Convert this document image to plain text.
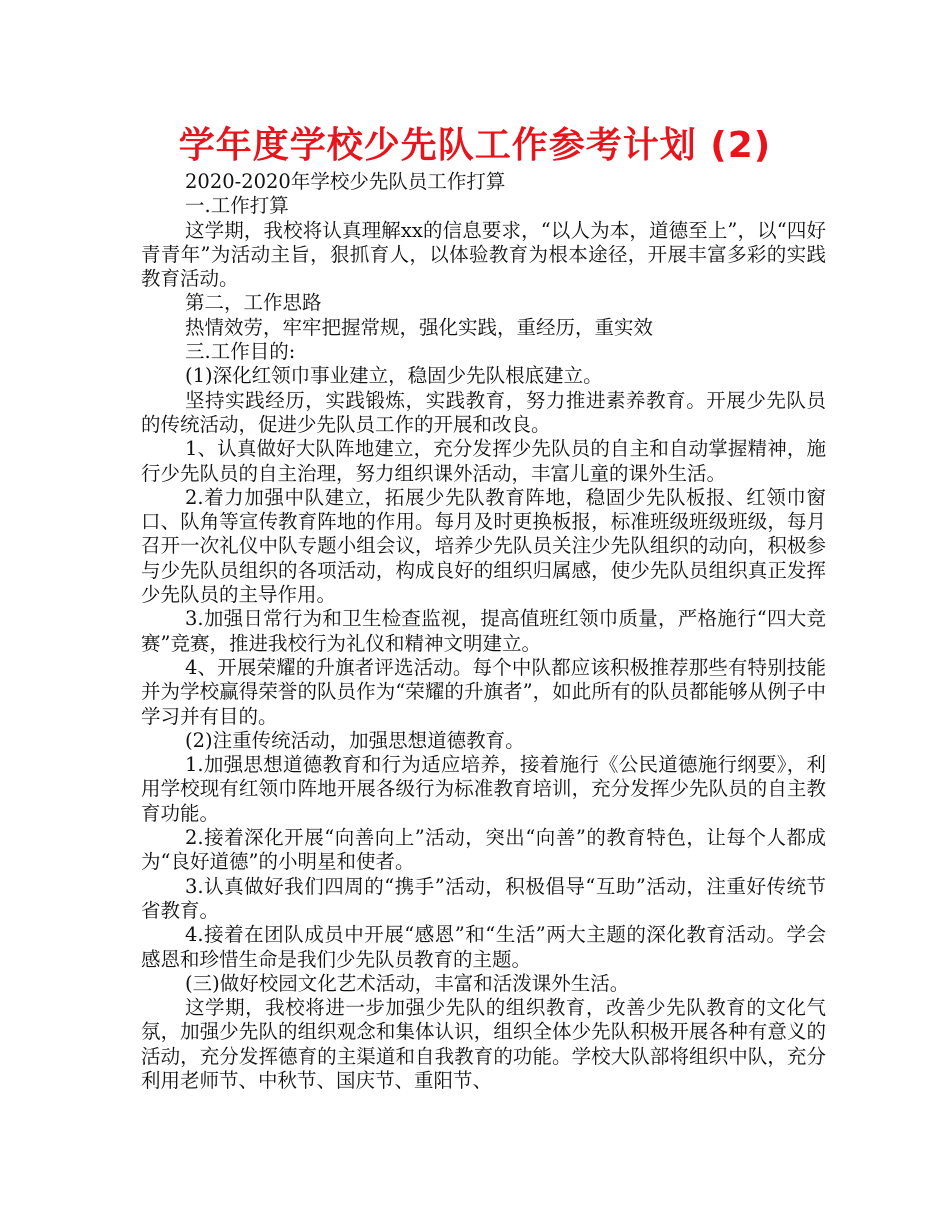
学年度学校少先队工作参考计划 (2)

2020-2020年学校少先队员工作打算

一.工作打算

这学期，我校将认真理解xx的信息要求，“以人为本，道德至上”，以“四好青青年”为活动主旨，狠抓育人，以体验教育为根本途径，开展丰富多彩的实践教育活动。

第二，工作思路

热情效劳，牢牢把握常规，强化实践，重经历，重实效

三.工作目的:

(1)深化红领巾事业建立，稳固少先队根底建立。

坚持实践经历，实践锻炼，实践教育，努力推进素养教育。开展少先队员的传统活动，促进少先队员工作的开展和改良。

1、认真做好大队阵地建立，充分发挥少先队员的自主和自动掌握精神，施行少先队员的自主治理，努力组织课外活动，丰富儿童的课外生活。

2.着力加强中队建立，拓展少先队教育阵地，稳固少先队板报、红领巾窗口、队角等宣传教育阵地的作用。每月及时更换板报，标准班级班级班级，每月召开一次礼仪中队专题小组会议，培养少先队员关注少先队组织的动向，积极参与少先队员组织的各项活动，构成良好的组织归属感，使少先队员组织真正发挥少先队员的主导作用。

3.加强日常行为和卫生检查监视，提高值班红领巾质量，严格施行“四大竞赛”竞赛，推进我校行为礼仪和精神文明建立。

4、开展荣耀的升旗者评选活动。每个中队都应该积极推荐那些有特别技能并为学校赢得荣誉的队员作为“荣耀的升旗者”，如此所有的队员都能够从例子中学习并有目的。

(2)注重传统活动，加强思想道德教育。

1.加强思想道德教育和行为适应培养，接着施行《公民道德施行纲要》，利用学校现有红领巾阵地开展各级行为标准教育培训，充分发挥少先队员的自主教育功能。

2.接着深化开展“向善向上”活动，突出“向善”的教育特色，让每个人都成为“良好道德”的小明星和使者。

3.认真做好我们四周的“携手”活动，积极倡导“互助”活动，注重好传统节省教育。

4.接着在团队成员中开展“感恩”和“生活”两大主题的深化教育活动。学会感恩和珍惜生命是我们少先队员教育的主题。

(三)做好校园文化艺术活动，丰富和活泼课外生活。

这学期，我校将进一步加强少先队的组织教育，改善少先队教育的文化气氛，加强少先队的组织观念和集体认识，组织全体少先队积极开展各种有意义的活动，充分发挥德育的主渠道和自我教育的功能。学校大队部将组织中队，充分利用老师节、中秋节、国庆节、重阳节、
